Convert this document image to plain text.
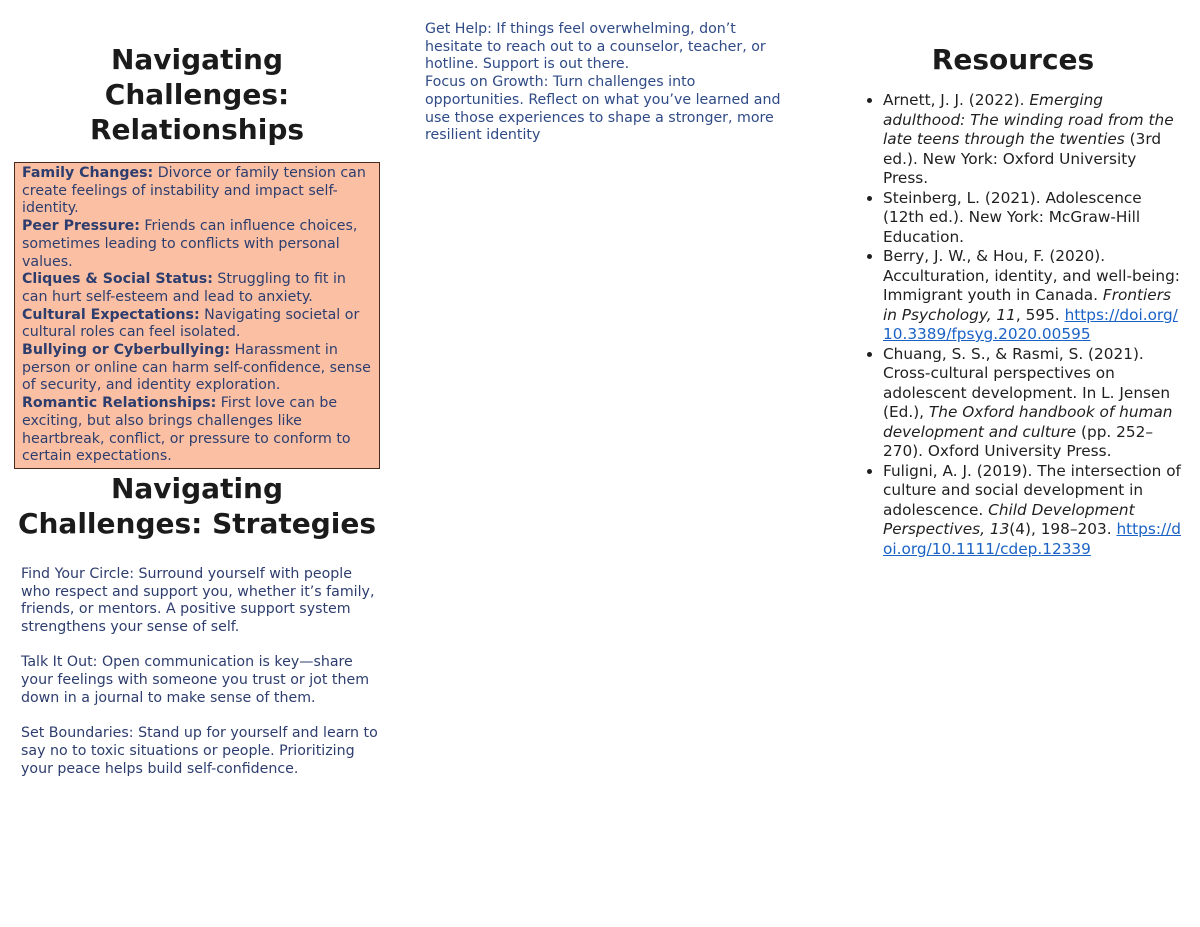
Navigating Challenges: Relationships

Family Changes: Divorce or family tension can create feelings of instability and impact self-identity.

Peer Pressure: Friends can influence choices, sometimes leading to conflicts with personal values.

Cliques & Social Status: Struggling to fit in can hurt self-esteem and lead to anxiety.

Cultural Expectations: Navigating societal or cultural roles can feel isolated.

Bullying or Cyberbullying: Harassment in person or online can harm self-confidence, sense of security, and identity exploration.

Romantic Relationships: First love can be exciting, but also brings challenges like heartbreak, conflict, or pressure to conform to certain expectations.

Navigating Challenges: Strategies

Find Your Circle: Surround yourself with people who respect and support you, whether it’s family, friends, or mentors. A positive support system strengthens your sense of self.

Talk It Out: Open communication is key—share your feelings with someone you trust or jot them down in a journal to make sense of them.

Set Boundaries: Stand up for yourself and learn to say no to toxic situations or people. Prioritizing your peace helps build self-confidence.

Get Help: If things feel overwhelming, don’t hesitate to reach out to a counselor, teacher, or hotline. Support is out there.

Focus on Growth: Turn challenges into opportunities. Reflect on what you’ve learned and use those experiences to shape a stronger, more resilient identity

Resources
• Arnett, J. J. (2022). Emerging adulthood: The winding road from the late teens through the twenties (3rd ed.). New York: Oxford University Press.
• Steinberg, L. (2021). Adolescence (12th ed.). New York: McGraw-Hill Education.
• Berry, J. W., & Hou, F. (2020). Acculturation, identity, and well-being: Immigrant youth in Canada. Frontiers in Psychology, 11, 595. https://doi.org/10.3389/fpsyg.2020.00595
• Chuang, S. S., & Rasmi, S. (2021). Cross-cultural perspectives on adolescent development. In L. Jensen (Ed.), The Oxford handbook of human development and culture (pp. 252–270). Oxford University Press.
• Fuligni, A. J. (2019). The intersection of culture and social development in adolescence. Child Development Perspectives, 13(4), 198–203. https://doi.org/10.1111/cdep.12339
